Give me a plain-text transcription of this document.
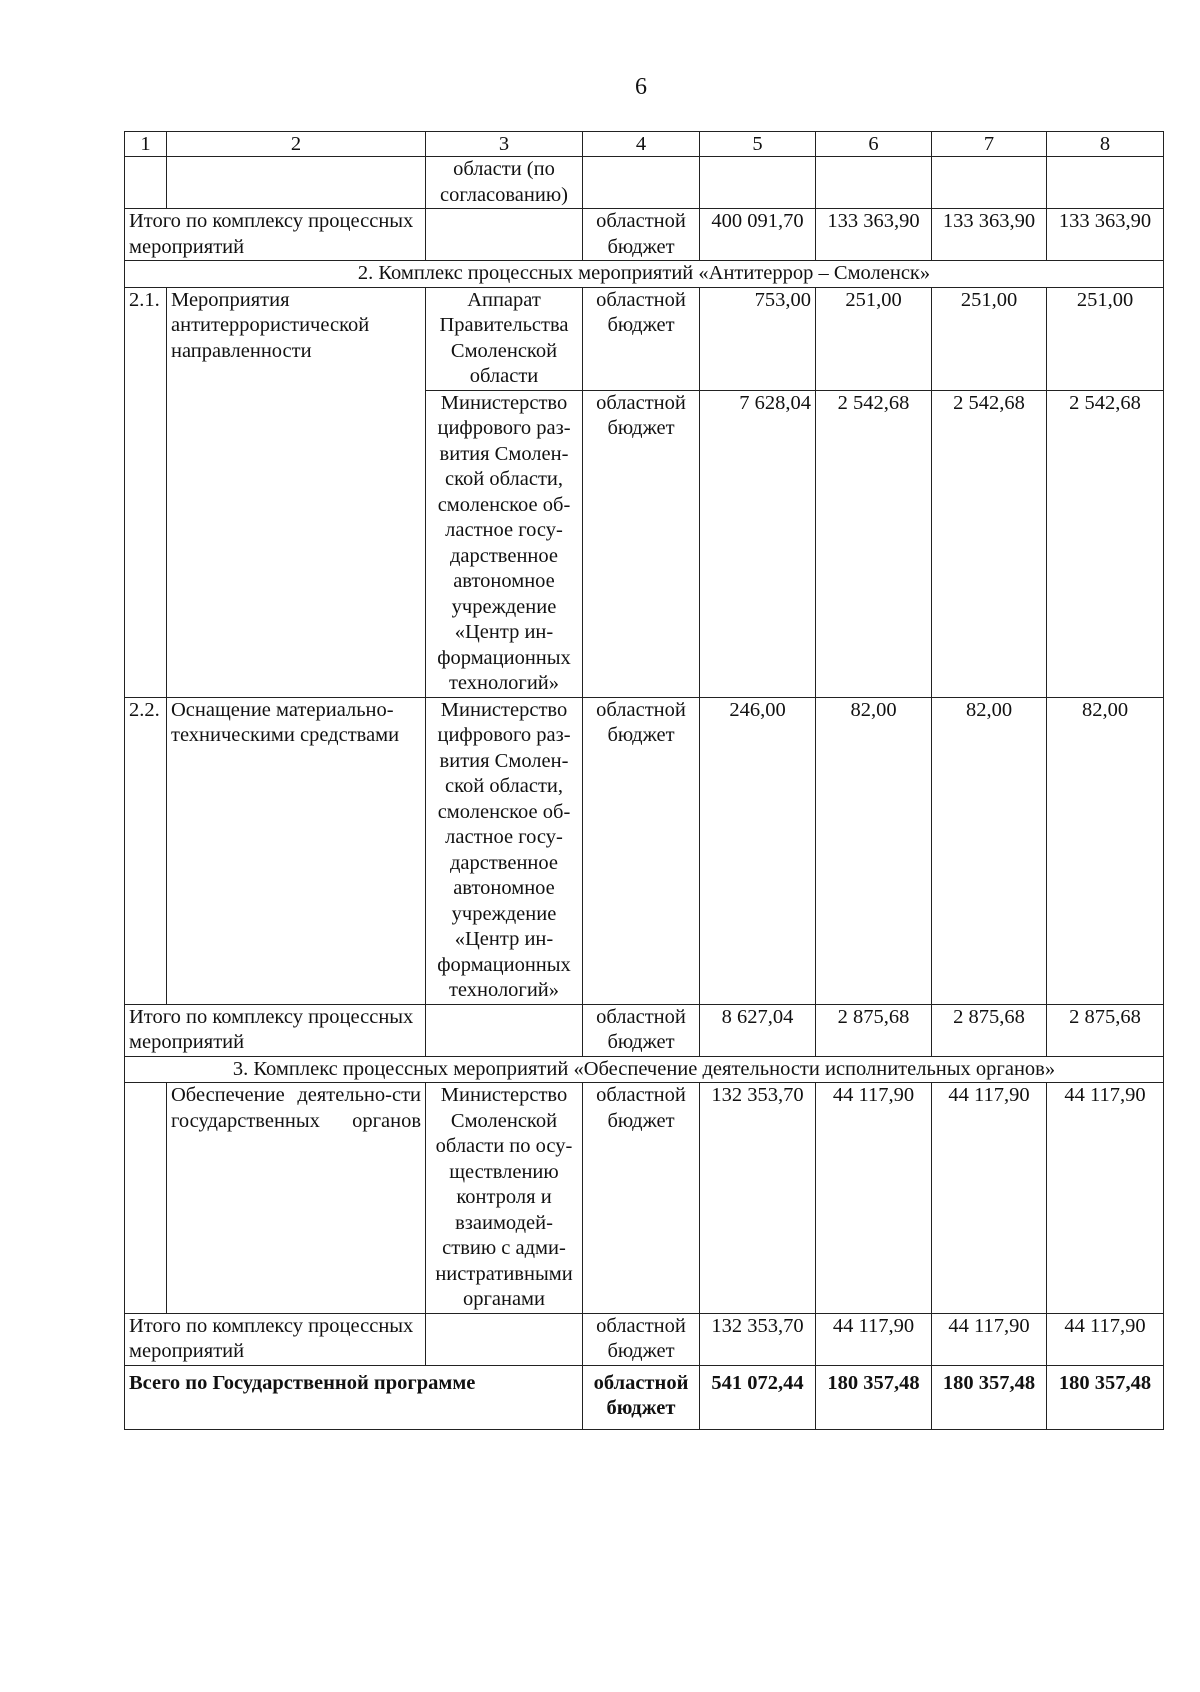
6
1	2	3	4	5	6	7	8
		области (по согласованию)					
Итого по комплексу процессных мероприятий			областной бюджет	400 091,70	133 363,90	133 363,90	133 363,90
2. Комплекс процессных мероприятий «Антитеррор – Смоленск»							
2.1.	Мероприятия антитеррористической направленности	Аппарат Правительства Смоленской области	областной бюджет	753,00	251,00	251,00	251,00
		Министерство цифрового раз-вития Смолен-ской области, смоленское об-ластное госу-дарственное автономное учреждение «Центр ин-формационных технологий»	областной бюджет	7 628,04	2 542,68	2 542,68	2 542,68
2.2.	Оснащение материально-техническими средствами	Министерство цифрового раз-вития Смолен-ской области, смоленское об-ластное госу-дарственное автономное учреждение «Центр ин-формационных технологий»	областной бюджет	246,00	82,00	82,00	82,00
Итого по комплексу процессных мероприятий			областной бюджет	8 627,04	2 875,68	2 875,68	2 875,68
3. Комплекс процессных мероприятий «Обеспечение деятельности исполнительных органов»							

	Обеспечение деятельно-сти государственных органов	Министерство Смоленской области по осу-ществлению контроля и взаимодей-ствию с адми-нистративными органами	областной бюджет	132 353,70	44 117,90	44 117,90	44 117,90
Итого по комплексу процессных мероприятий			областной бюджет	132 353,70	44 117,90	44 117,90	44 117,90
Всего по Государственной программе			областной бюджет	541 072,44	180 357,48	180 357,48	180 357,48
